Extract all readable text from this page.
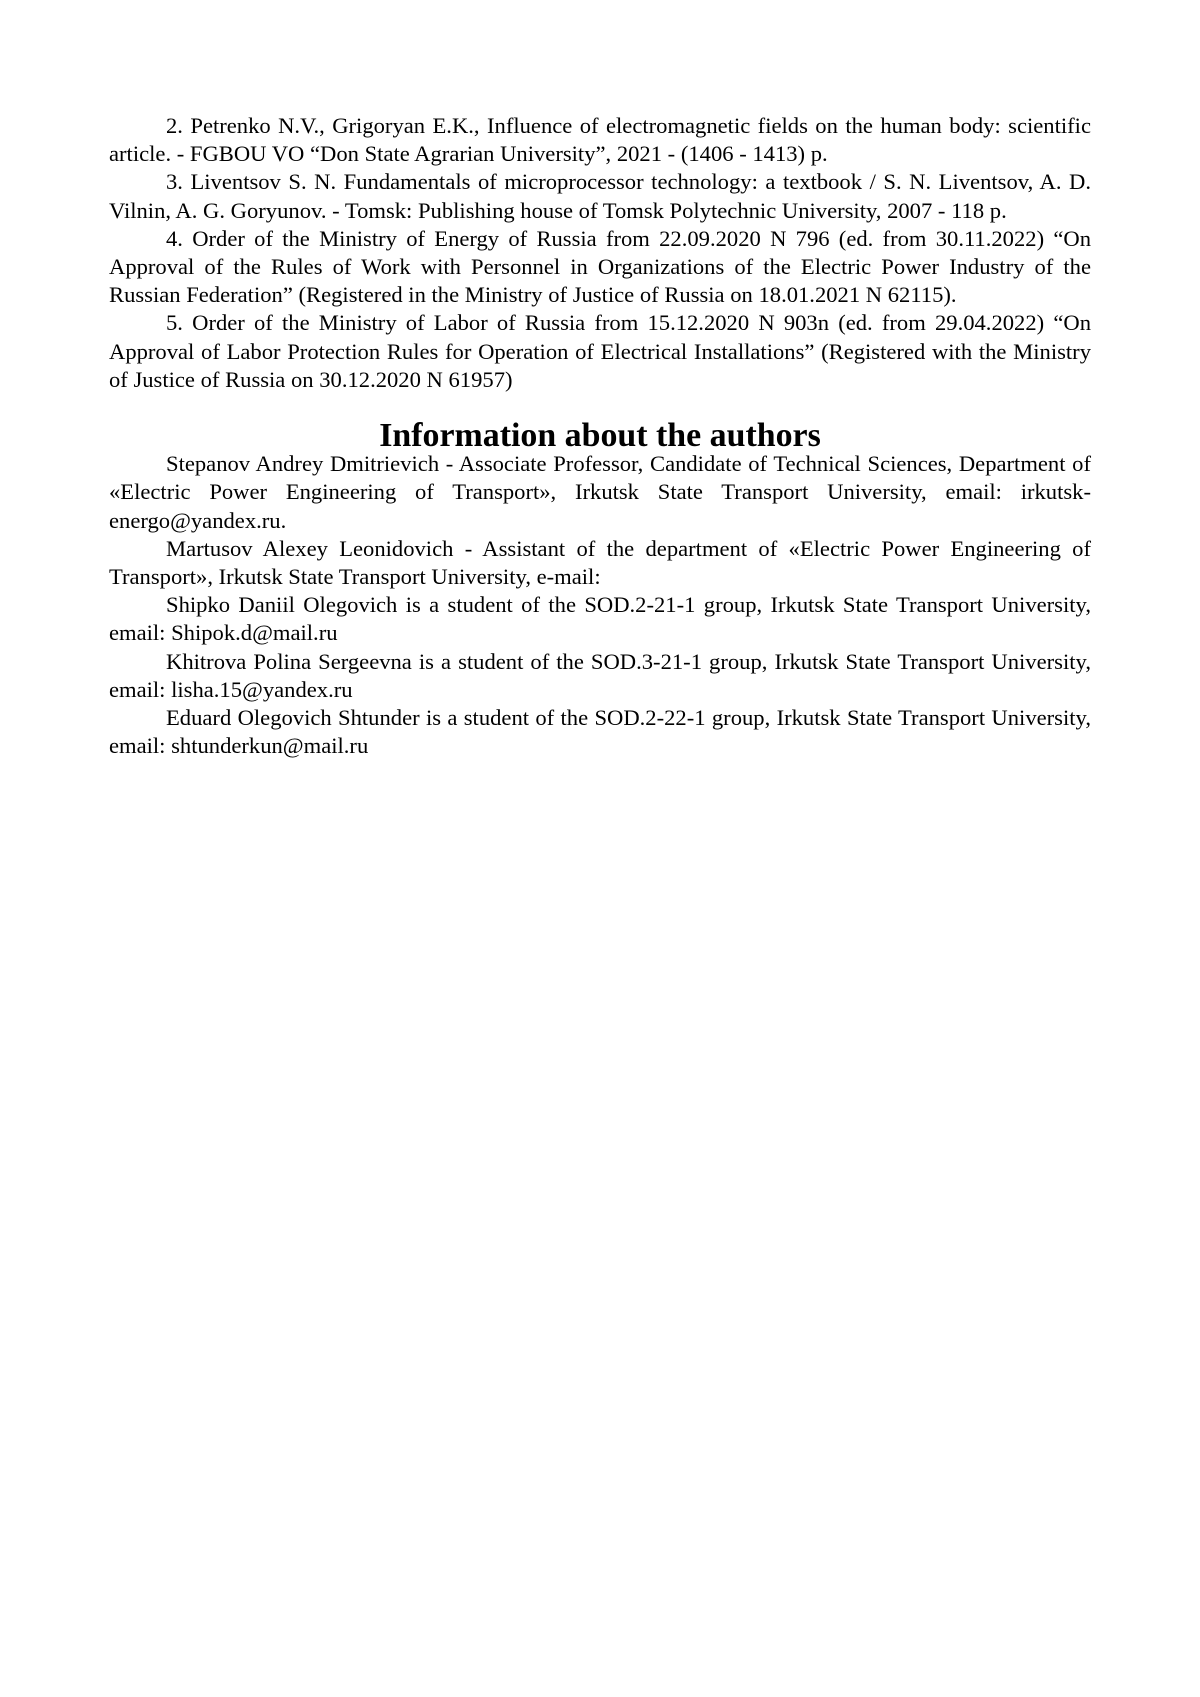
2. Petrenko N.V., Grigoryan E.K., Influence of electromagnetic fields on the human body: scientific article. - FGBOU VO “Don State Agrarian University”, 2021 - (1406 - 1413) p.

3. Liventsov S. N. Fundamentals of microprocessor technology: a textbook / S. N. Liventsov, A. D. Vilnin, A. G. Goryunov. - Tomsk: Publishing house of Tomsk Polytechnic University, 2007 - 118 p.

4. Order of the Ministry of Energy of Russia from 22.09.2020 N 796 (ed. from 30.11.2022) “On Approval of the Rules of Work with Personnel in Organizations of the Electric Power Industry of the Russian Federation” (Registered in the Ministry of Justice of Russia on 18.01.2021 N 62115).

5. Order of the Ministry of Labor of Russia from 15.12.2020 N 903n (ed. from 29.04.2022) “On Approval of Labor Protection Rules for Operation of Electrical Installations” (Registered with the Ministry of Justice of Russia on 30.12.2020 N 61957)

Information about the authors

Stepanov Andrey Dmitrievich - Associate Professor, Candidate of Technical Sciences, Department of «Electric Power Engineering of Transport», Irkutsk State Transport University, email: irkutsk-energo@yandex.ru.

Martusov Alexey Leonidovich - Assistant of the department of «Electric Power Engineering of Transport», Irkutsk State Transport University, e-mail:

Shipko Daniil Olegovich is a student of the SOD.2-21-1 group, Irkutsk State Transport University, email: Shipok.d@mail.ru

Khitrova Polina Sergeevna is a student of the SOD.3-21-1 group, Irkutsk State Transport University, email: lisha.15@yandex.ru

Eduard Olegovich Shtunder is a student of the SOD.2-22-1 group, Irkutsk State Transport University, email: shtunderkun@mail.ru
